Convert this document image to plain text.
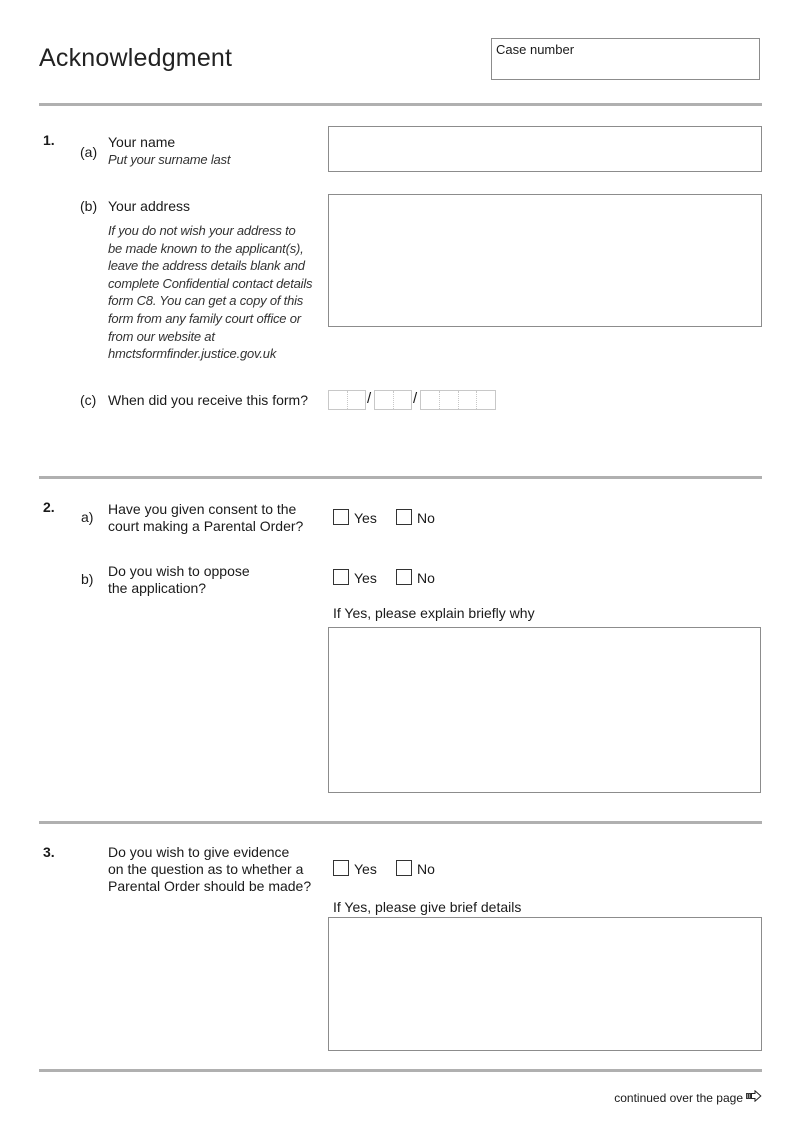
Acknowledgment	Case number
1.
(a)
Your name
Put your surname last
(b) Your address
If you do not wish your address to
be made known to the applicant(s),
leave the address details blank and
complete Confidential contact details
form C8. You can get a copy of this
form from any family court office or
from our website at
hmctsformfinder.justice.gov.uk
(c) When did you receive this form?	/	/
2.
a) Have you given consent to the
court making a Parental Order?	Yes	No
b) Do you wish to oppose
the application?
Yes	No
If Yes, please explain briefly why
3.	Do you wish to give evidence
on the question as to whether a
Parental Order should be made?
Yes	No
If Yes, please give brief details
continued over the page
